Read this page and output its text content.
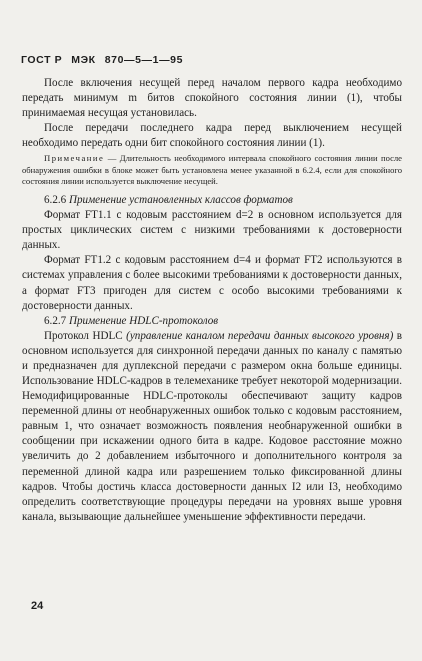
ГОСТ Р МЭК 870—5—1—95

После включения несущей перед началом первого кадра необходимо передать минимум m битов спокойного состояния линии (1), чтобы принимаемая несущая установилась.

После передачи последнего кадра перед выключением несущей необходимо передать одни бит спокойного состояния линии (1).

Примечание — Длительность необходимого интервала спокойного состояния линии после обнаружения ошибки в блоке может быть установлена менее указанной в 6.2.4, если для спокойного состояния линии используется выключение несущей.

6.2.6 Применение установленных классов форматов

Формат FT1.1 с кодовым расстоянием d=2 в основном используется для простых циклических систем с низкими требованиями к достоверности данных.

Формат FT1.2 с кодовым расстоянием d=4 и формат FT2 используются в системах управления с более высокими требованиями к достоверности данных, а формат FT3 пригоден для систем с особо высокими требованиями к достоверности данных.

6.2.7 Применение HDLC-протоколов

Протокол HDLC (управление каналом передачи данных высокого уровня) в основном используется для синхронной передачи данных по каналу с памятью и предназначен для дуплексной передачи с размером окна больше единицы. Использование HDLC-кадров в телемеханике требует некоторой модернизации. Немодифицированные HDLC-протоколы обеспечивают защиту кадров переменной длины от необнаруженных ошибок только с кодовым расстоянием, равным 1, что означает возможность появления необнаруженной ошибки в сообщении при искажении одного бита в кадре. Кодовое расстояние можно увеличить до 2 добавлением избыточного и дополнительного контроля за переменной длиной кадра или разрешением только фиксированной длины кадров. Чтобы достичь класса достоверности данных I2 или I3, необходимо определить соответствующие процедуры передачи на уровнях выше уровня канала, вызывающие дальнейшее уменьшение эффективности передачи.

24
